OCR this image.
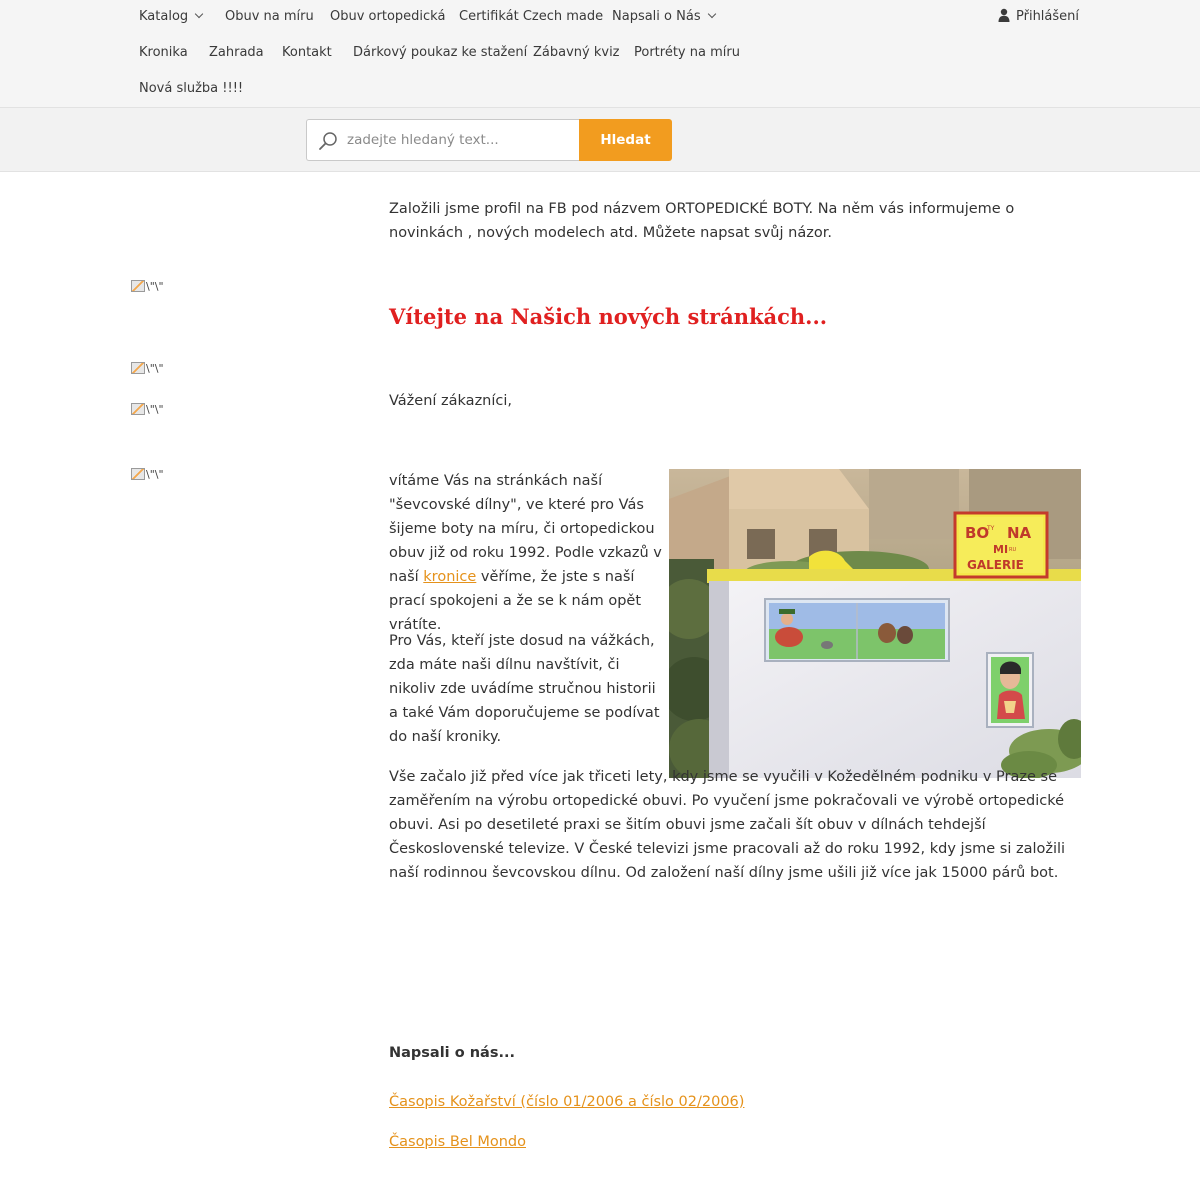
Katalog	Obuv na míru Obuv ortopedická Certifikát Czech made Napsali o Nás
Kronika Zahrada Kontakt Dárkový poukaz ke stažení Zábavný kviz Portréty na míru
Nová služba !!!!
Přihlášení
zadejte hledaný text...
Hledat
\"\"
\"\"
\"\"
\"\"

Založili jsme profil na FB pod názvem ORTOPEDICKÉ BOTY. Na něm vás informujeme o novinkách , nových modelech atd. Můžete napsat svůj názor.

Vítejte na Našich nových stránkách...

Vážení zákazníci,

vítáme Vás na stránkách naší "ševcovské dílny", ve které pro Vás šijeme boty na míru, či ortopedickou obuv již od roku 1992. Podle vzkazů v naší kronice věříme, že jste s naší prací spokojeni a že se k nám opět vrátíte.

Pro Vás, kteří jste dosud na vážkách, zda máte naši dílnu navštívit, či nikoliv zde uvádíme stručnou historii a také Vám doporučujeme se podívat do naší kroniky.

BO
TY NA
MI RU
GALERIE

Vše začalo již před více jak třiceti lety, kdy jsme se vyučili v Kožedělném podniku v Praze se zaměřením na výrobu ortopedické obuvi. Po vyučení jsme pokračovali ve výrobě ortopedické obuvi. Asi po desetileté praxi se šitím obuvi jsme začali šít obuv v dílnách tehdejší Československé televize. V České televizi jsme pracovali až do roku 1992, kdy jsme si založili naší rodinnou ševcovskou dílnu. Od založení naší dílny jsme ušili již více jak 15000 párů bot.

Napsali o nás...
Časopis Kožařství (číslo 01/2006 a číslo 02/2006)
Časopis Bel Mondo
